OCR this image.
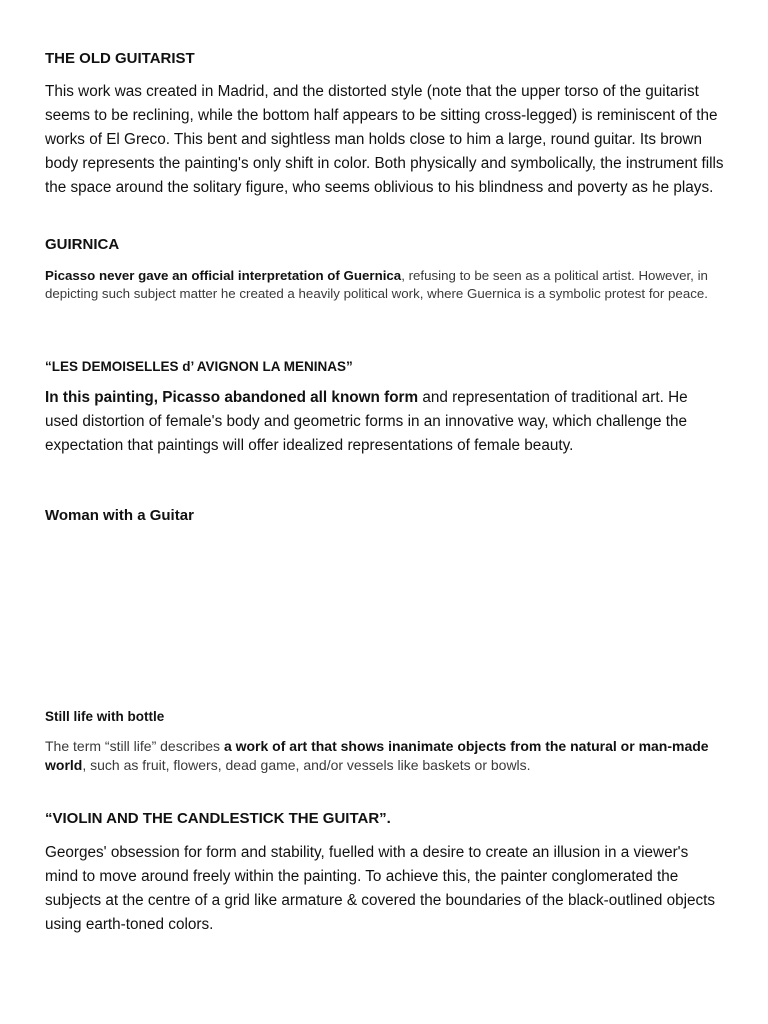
THE OLD GUITARIST

This work was created in Madrid, and the distorted style (note that the upper torso of the guitarist seems to be reclining, while the bottom half appears to be sitting cross-legged) is reminiscent of the works of El Greco. This bent and sightless man holds close to him a large, round guitar. Its brown body represents the painting's only shift in color. Both physically and symbolically, the instrument fills the space around the solitary figure, who seems oblivious to his blindness and poverty as he plays.

GUIRNICA

Picasso never gave an official interpretation of Guernica, refusing to be seen as a political artist. However, in depicting such subject matter he created a heavily political work, where Guernica is a symbolic protest for peace.

“LES DEMOISELLES d’ AVIGNON LA MENINAS”

In this painting, Picasso abandoned all known form and representation of traditional art. He used distortion of female's body and geometric forms in an innovative way, which challenge the expectation that paintings will offer idealized representations of female beauty.

Woman with a Guitar
Still life with bottle

The term “still life” describes a work of art that shows inanimate objects from the natural or man-made world, such as fruit, flowers, dead game, and/or vessels like baskets or bowls.

“VIOLIN AND THE CANDLESTICK THE GUITAR”.

Georges' obsession for form and stability, fuelled with a desire to create an illusion in a viewer's mind to move around freely within the painting. To achieve this, the painter conglomerated the subjects at the centre of a grid like armature & covered the boundaries of the black-outlined objects using earth-toned colors.
